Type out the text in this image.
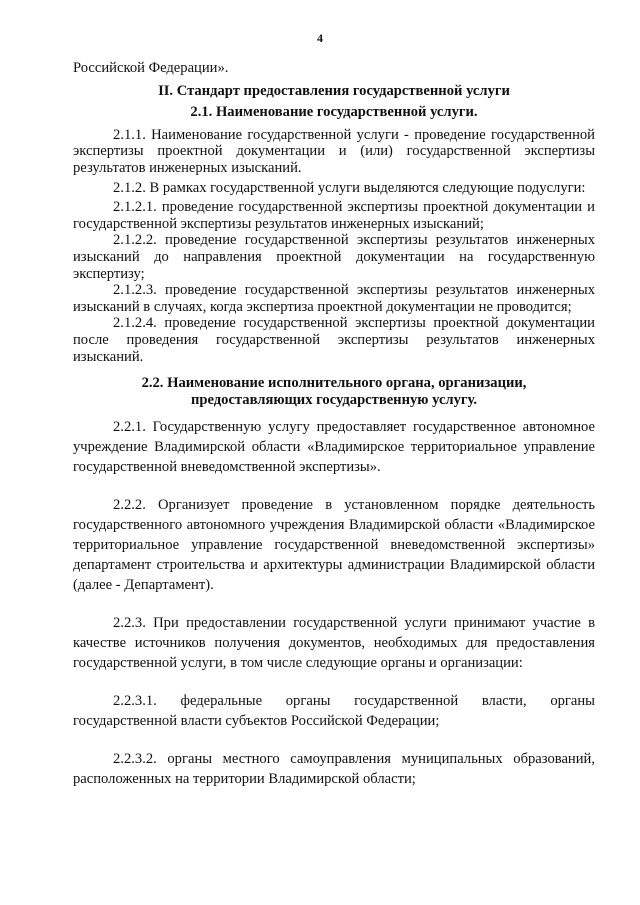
4

Российской Федерации».

II. Стандарт предоставления государственной услуги

2.1. Наименование государственной услуги.

2.1.1. Наименование государственной услуги - проведение государственной экспертизы проектной документации и (или) государственной экспертизы результатов инженерных изысканий.

2.1.2. В рамках государственной услуги выделяются следующие подуслуги:

2.1.2.1. проведение государственной экспертизы проектной документации и государственной экспертизы результатов инженерных изысканий;

2.1.2.2. проведение государственной экспертизы результатов инженерных изысканий до направления проектной документации на государственную экспертизу;

2.1.2.3. проведение государственной экспертизы результатов инженерных изысканий в случаях, когда экспертиза проектной документации не проводится;

2.1.2.4. проведение государственной экспертизы проектной документации после проведения государственной экспертизы результатов инженерных изысканий.

2.2. Наименование исполнительного органа, организации,

предоставляющих государственную услугу.

2.2.1. Государственную услугу предоставляет государственное автономное учреждение Владимирской области «Владимирское территориальное управление государственной вневедомственной экспертизы».

2.2.2. Организует проведение в установленном порядке деятельность государственного автономного учреждения Владимирской области «Владимирское территориальное управление государственной вневедомственной экспертизы» департамент строительства и архитектуры администрации Владимирской области (далее - Департамент).

2.2.3. При предоставлении государственной услуги принимают участие в качестве источников получения документов, необходимых для предоставления государственной услуги, в том числе следующие органы и организации:

2.2.3.1. федеральные органы государственной власти, органы государственной власти субъектов Российской Федерации;

2.2.3.2. органы местного самоуправления муниципальных образований, расположенных на территории Владимирской области;
